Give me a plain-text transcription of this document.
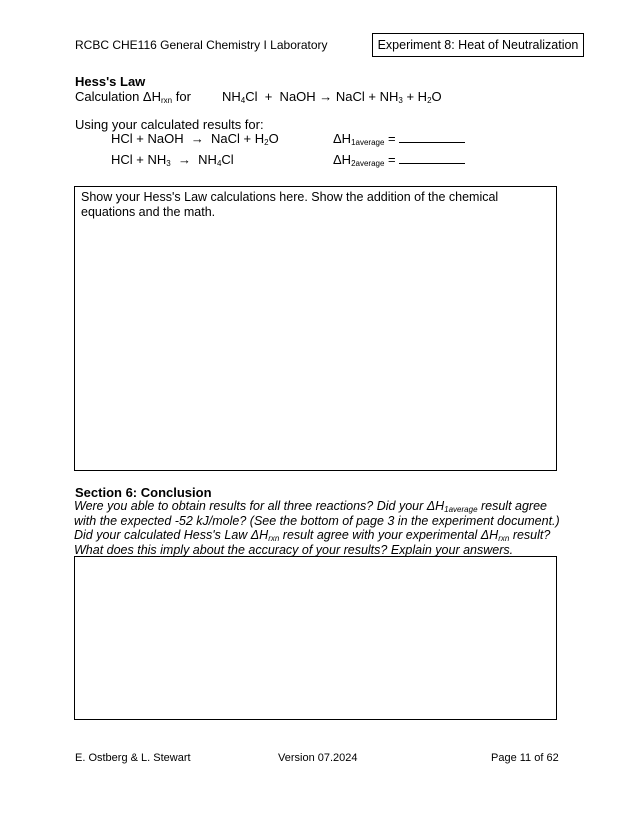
RCBC CHE116 General Chemistry I Laboratory	Experiment 8: Heat of Neutralization
Hess's Law
Calculation $\Delta H_{rxn}$ for $NH_4Cl$  +  NaOH → NaCl + $NH_3 + H_2O$
Using your calculated results for:
HCl + NaOH  →  NaCl + $H_2O$	$\Delta H_{1average}$ =
HCl + $NH_3 \to NH_4Cl$	$\Delta H_{2average}$ =
Show your Hess's Law calculations here. Show the addition of the chemical equations and the math.
Section 6: Conclusion
Were you able to obtain results for all three reactions? Did your $\Delta H_{1average}$ result agree with the expected -52 kJ/mole? (See the bottom of page 3 in the experiment document.) Did your calculated Hess's Law $\Delta H_{rxn}$ result agree with your experimental $\Delta H_{rxn}$ result? What does this imply about the accuracy of your results? Explain your answers.
E. Ostberg & L. Stewart	Version 07.2024	Page 11 of 62
